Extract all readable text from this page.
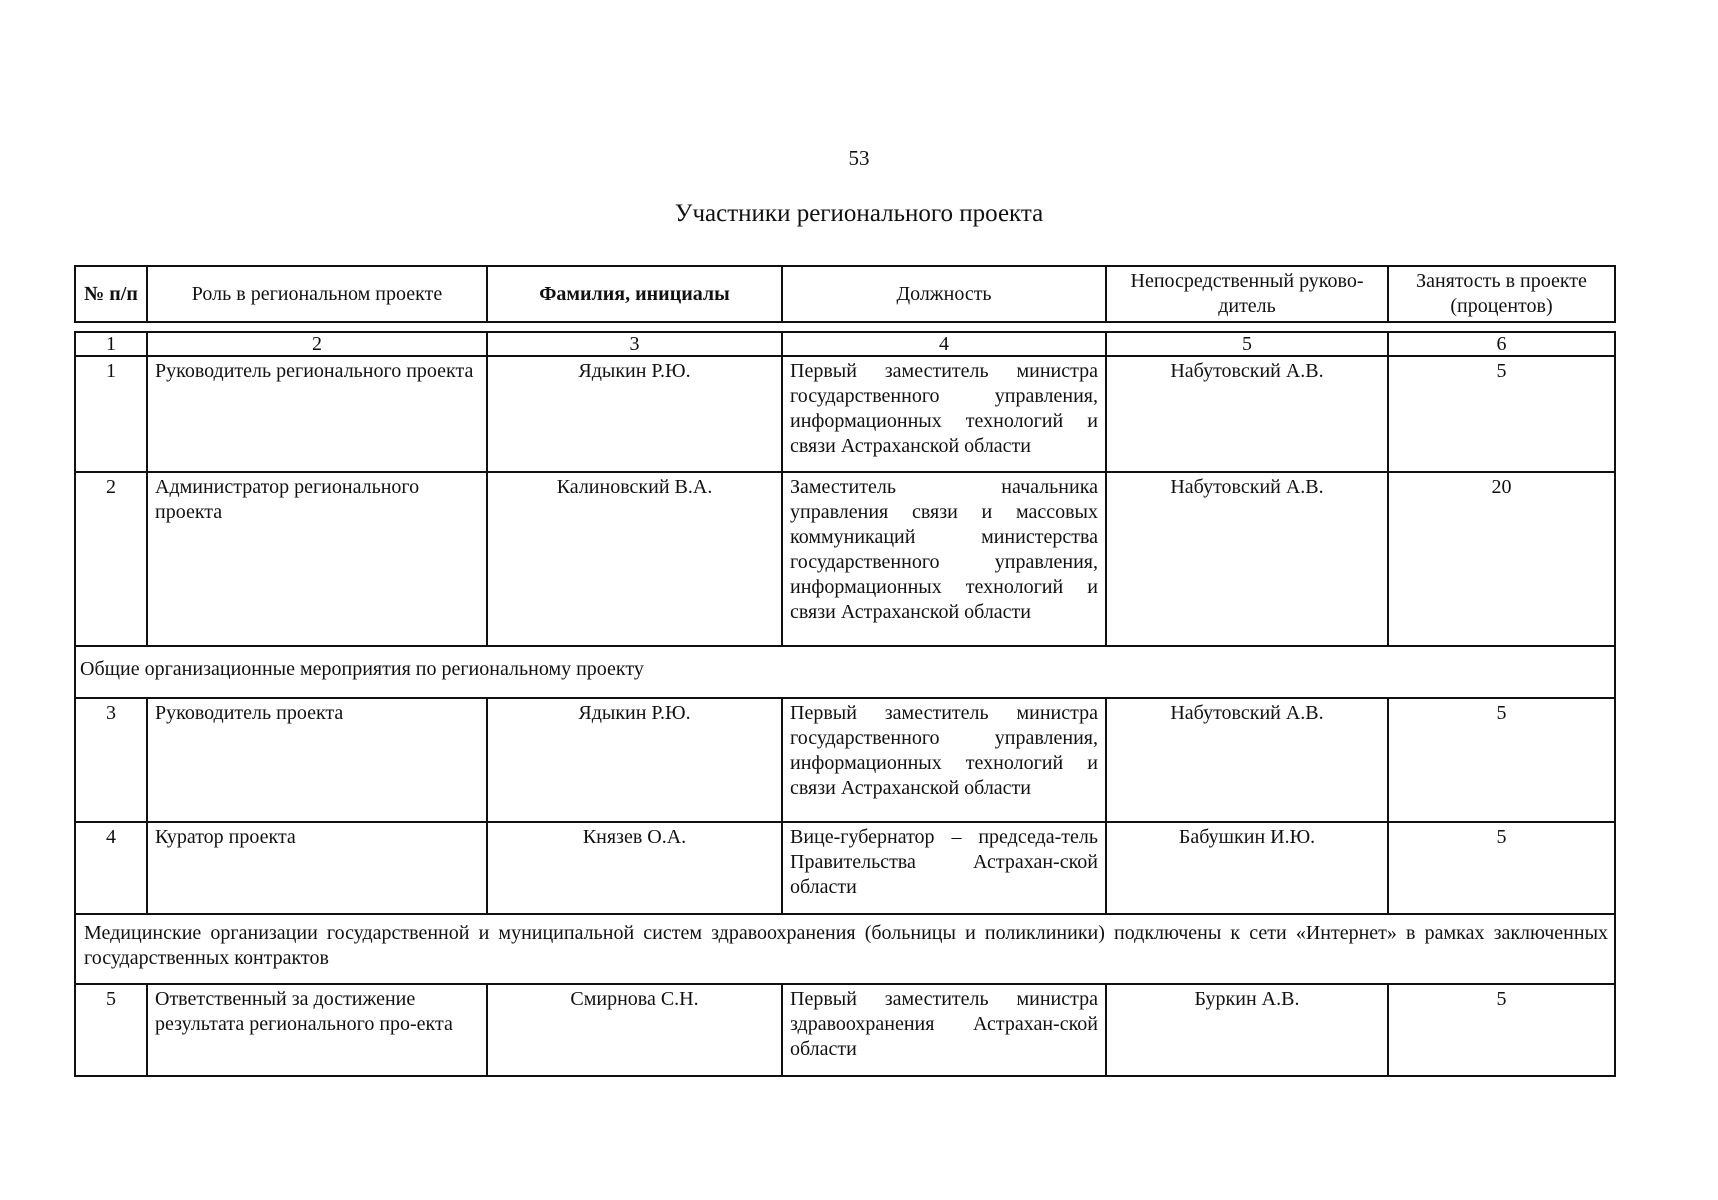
53
Участники регионального проекта
№ п/п	Роль в региональном проекте	Фамилия, инициалы	Должность	Непосредственный руково-дитель	Занятость в проекте (процентов)
1	2	3	4	5	6
1	Руководитель регионального проекта	Ядыкин Р.Ю.	Первый заместитель министра государственного управления, информационных технологий и связи Астраханской области	Набутовский А.В.	5
2	Администратор регионального проекта	Калиновский В.А.	Заместитель начальника управления связи и массовых коммуникаций министерства государственного управления, информационных технологий и связи Астраханской области	Набутовский А.В.	20
Общие организационные мероприятия по региональному проекту					
3	Руководитель проекта	Ядыкин Р.Ю.	Первый заместитель министра государственного управления, информационных технологий и связи Астраханской области	Набутовский А.В.	5
4	Куратор проекта	Князев О.А.	Вице-губернатор – председа-тель Правительства Астрахан-ской области	Бабушкин И.Ю.	5
Медицинские организации государственной и муниципальной систем здравоохранения (больницы и поликлиники) подключены к сети «Интернет» в рамках заключенных государственных контрактов					
5	Ответственный за достижение результата регионального про-екта	Смирнова С.Н.	Первый заместитель министра здравоохранения Астрахан-ской области	Буркин А.В.	5
